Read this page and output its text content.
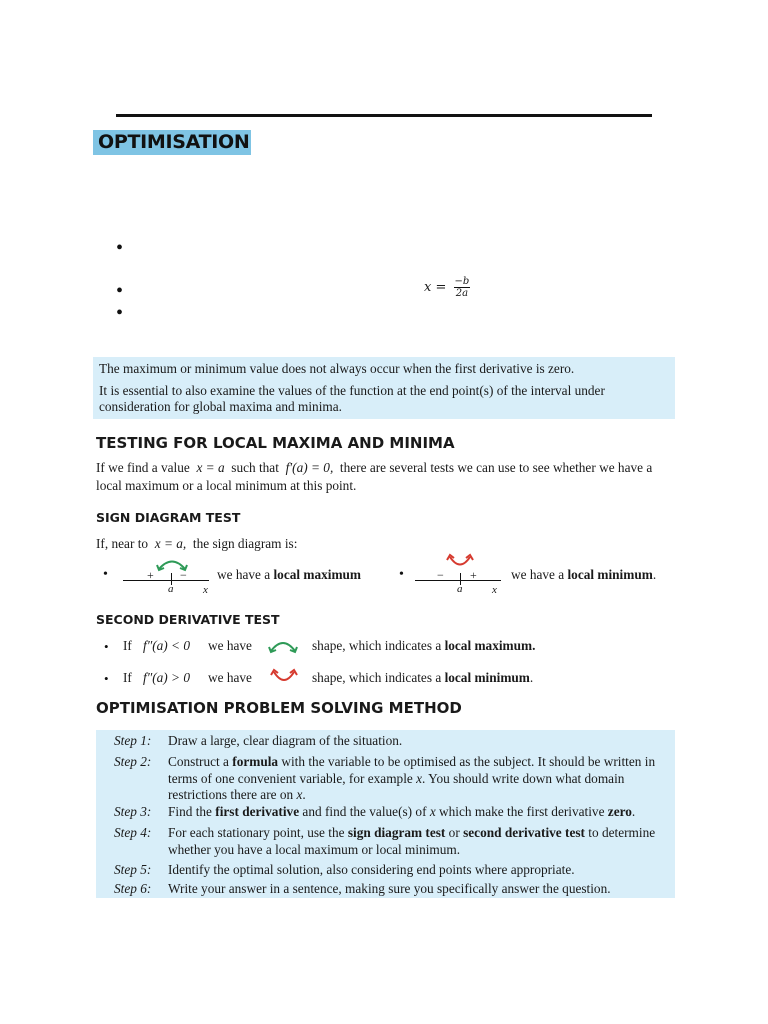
OPTIMISATION
•
•
•
$x = \frac{-b}{2a}$

The maximum or minimum value does not always occur when the first derivative is zero.

It is essential to also examine the values of the function at the end point(s) of the interval under consideration for global maxima and minima.

TESTING FOR LOCAL MAXIMA AND MINIMA
If we find a value x = a such that f′(a) = 0, there are several tests we can use to see whether we have a local maximum or a local minimum at this point.
SIGN DIAGRAM TEST
If, near to x = a, the sign diagram is:
•	+ −
a	x
we have a local maximum	•	− +
a	x
we have a local minimum.
SECOND DERIVATIVE TEST
• If f″(a) < 0 we have	shape, which indicates a local maximum.
• If f″(a) > 0 we have	shape, which indicates a local minimum.
OPTIMISATION PROBLEM SOLVING METHOD
Step 1: Draw a large, clear diagram of the situation.
Step 2: Construct a formula with the variable to be optimised as the subject. It should be written in terms of one convenient variable, for example x. You should write down what domain restrictions there are on x.
Step 3: Find the first derivative and find the value(s) of x which make the first derivative zero.
Step 4: For each stationary point, use the sign diagram test or second derivative test to determine whether you have a local maximum or local minimum.
Step 5: Identify the optimal solution, also considering end points where appropriate.
Step 6: Write your answer in a sentence, making sure you specifically answer the question.
